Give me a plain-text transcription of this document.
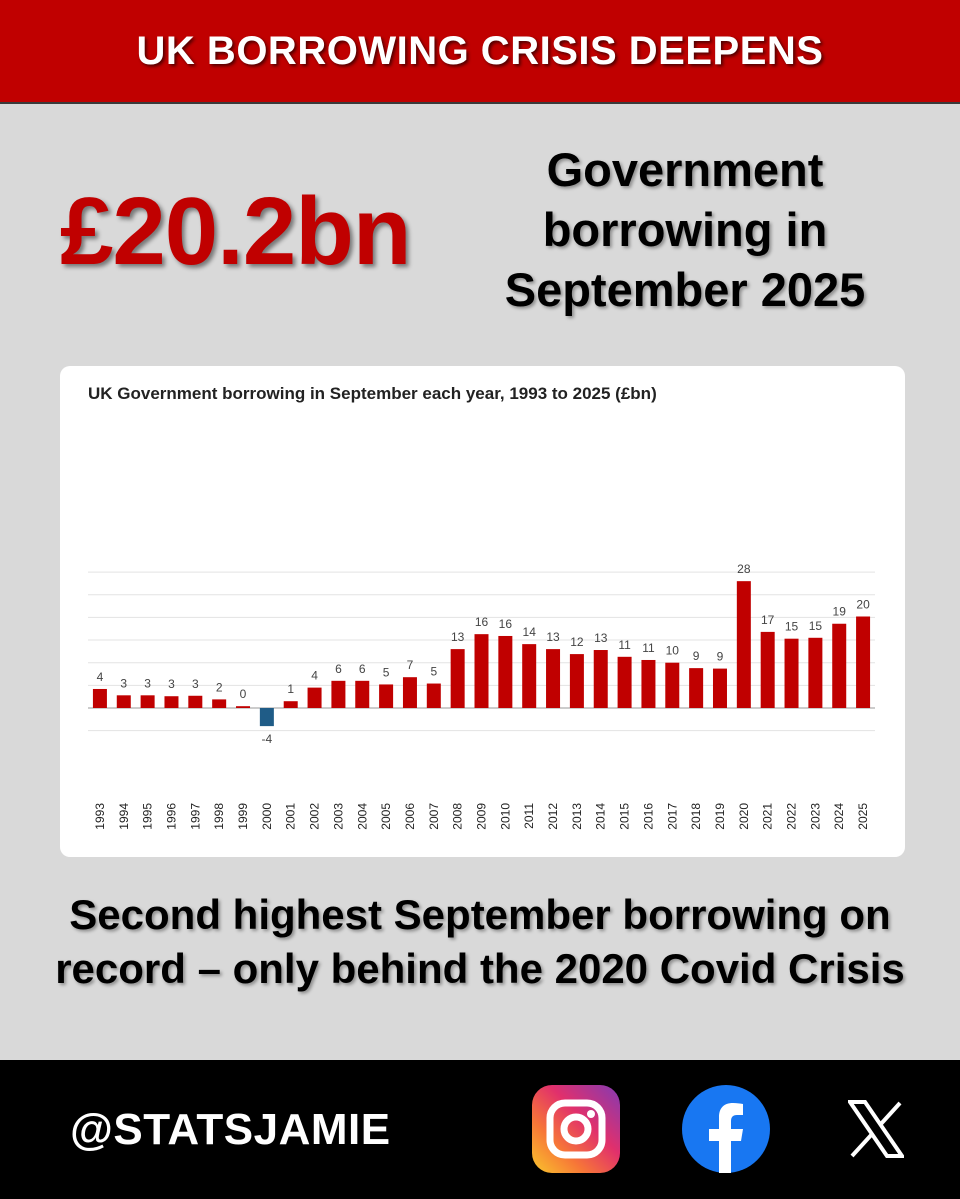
UK BORROWING CRISIS DEEPENS
£20.2bn
Government borrowing in September 2025
UK Government borrowing in September each year, 1993 to 2025 (£bn)
4
1993
3
1994
3
1995
3
1996
3
1997
2
1998
0
1999
-4
2000
1
2001
4
2002
6
2003
6
2004
5
2005
7
2006
5
2007
13
2008
16
2009
16
2010
14
2011
13
2012
12
2013
13
2014
11
2015
11
2016
10
2017
9
2018
9
2019
28
2020
17
2021
15
2022
15
2023
19
2024
20
2025
Second highest September borrowing on record – only behind the 2020 Covid Crisis
@STATSJAMIE
